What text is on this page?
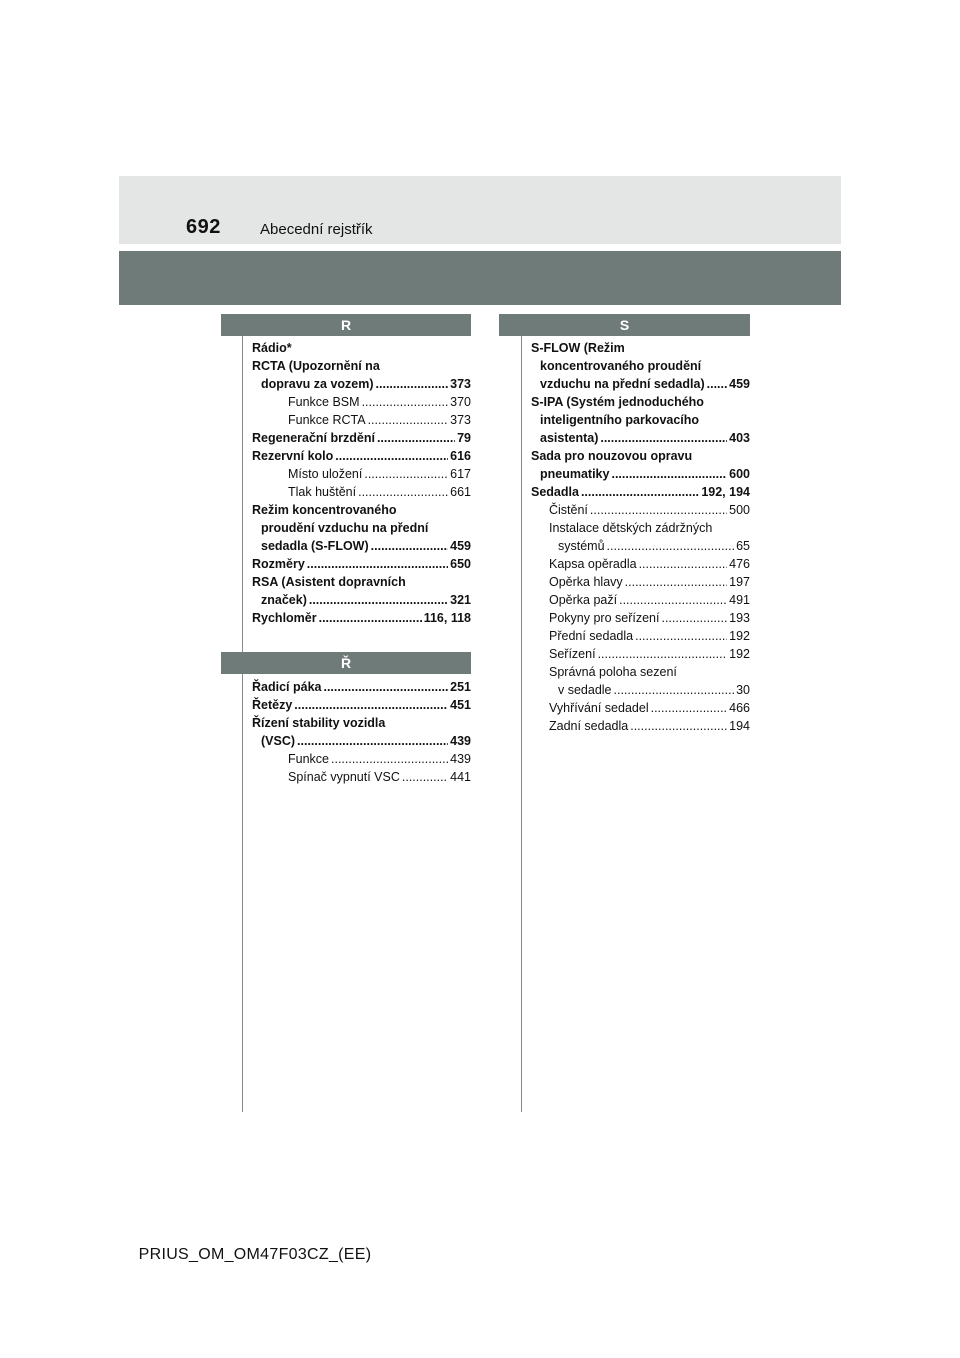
692	Abecední rejstřík
R
Rádio*
RCTA (Upozornění na
dopravu za vozem) .....	373
Funkce BSM .....	370
Funkce RCTA .....	373
Regenerační brzdění .....	79
Rezervní kolo .....	616
Místo uložení .....	617
Tlak huštění .....	661
Režim koncentrovaného
proudění vzduchu na přední
sedadla (S-FLOW) .....	459
Rozměry .....	650
RSA (Asistent dopravních
značek) .....	321
Rychloměr .....	116, 118
Ř
Řadicí páka .....	251
Řetězy .....	451
Řízení stability vozidla
(VSC) .....	439
Funkce .....	439
Spínač vypnutí VSC .....	441
S
S-FLOW (Režim
koncentrovaného proudění
vzduchu na přední sedadla) ..... 459
S-IPA (Systém jednoduchého
inteligentního parkovacího
asistenta) .....	403
Sada pro nouzovou opravu
pneumatiky .....	600
Sedadla .....	192, 194
Čistění .....	500
Instalace dětských zádržných
systémů .....	65
Kapsa opěradla .....	476
Opěrka hlavy .....	197
Opěrka paží .....	491
Pokyny pro seřízení .....	193
Přední sedadla .....	192
Seřízení .....	192
Správná poloha sezení
v sedadle .....	30
Vyhřívání sedadel .....	466
Zadní sedadla .....	194
PRIUS_OM_OM47F03CZ_(EE)
